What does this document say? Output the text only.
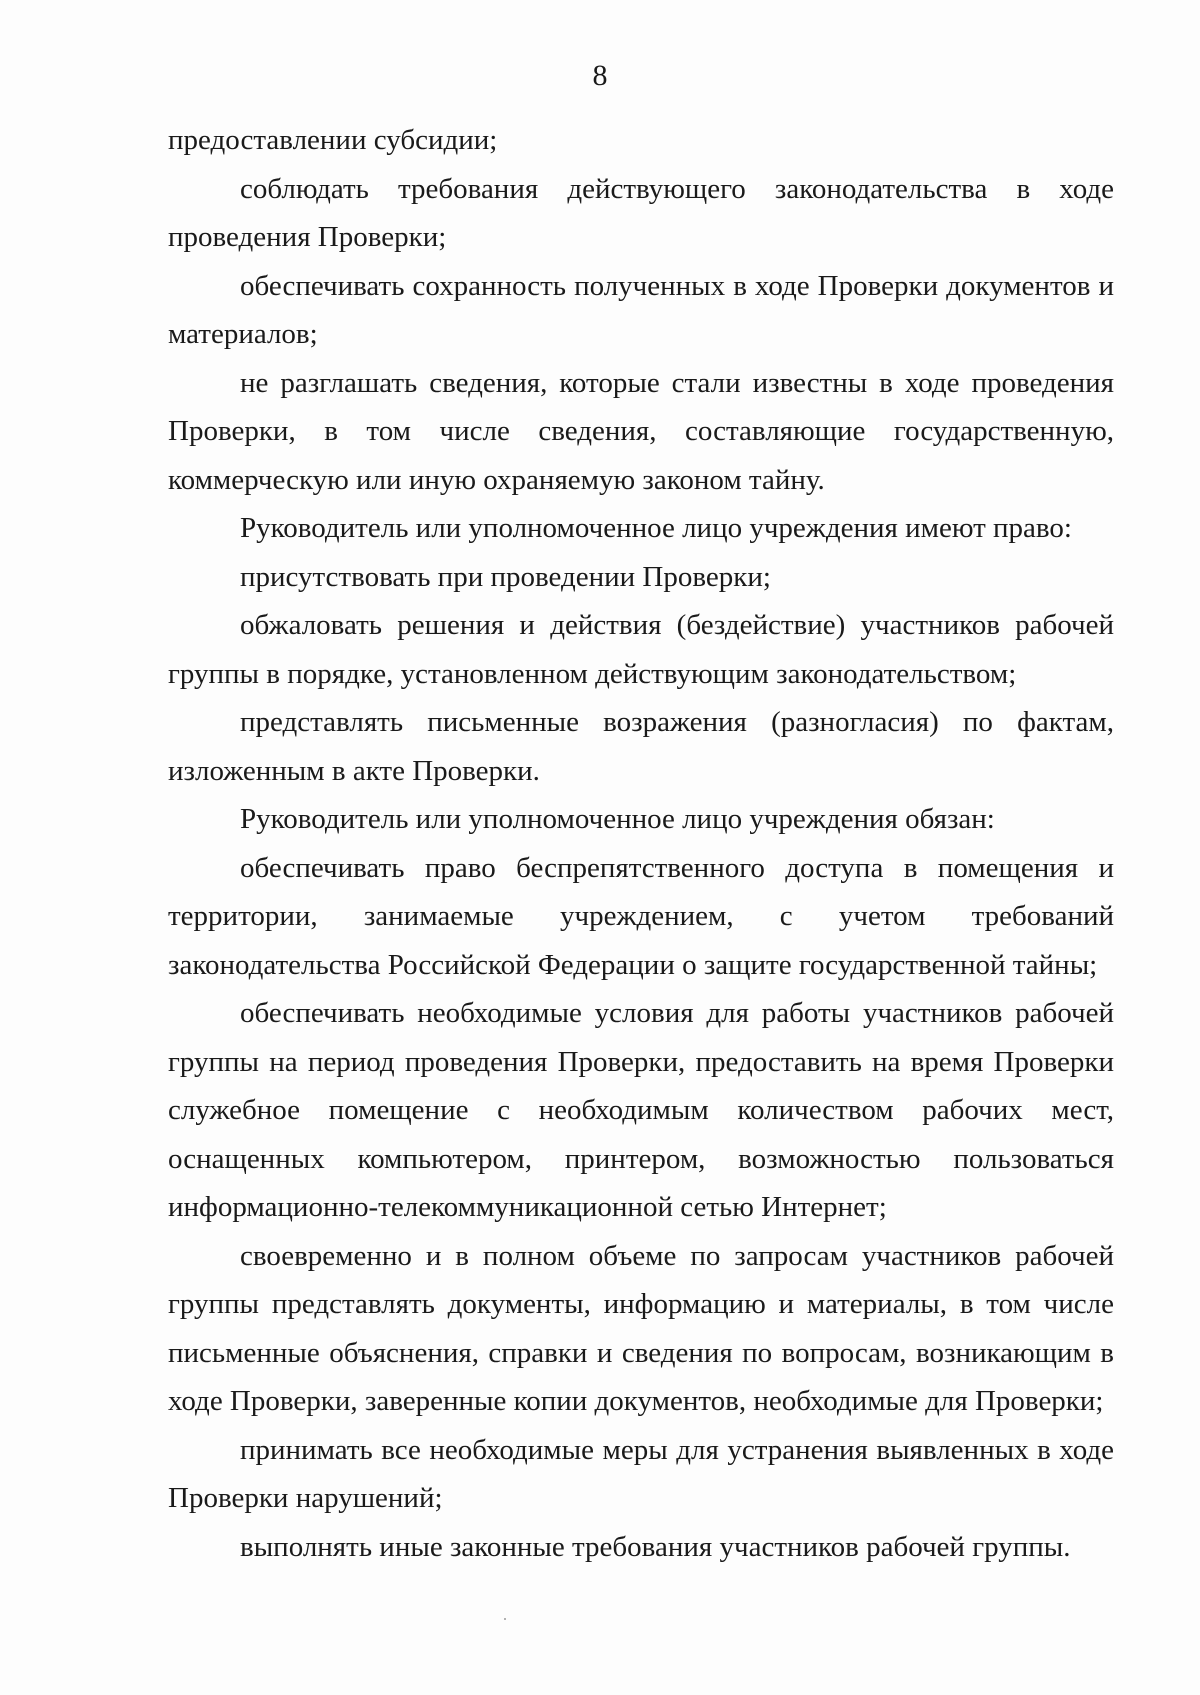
8

предоставлении субсидии;

соблюдать требования действующего законодательства в ходе проведения Проверки;

обеспечивать сохранность полученных в ходе Проверки документов и материалов;

не разглашать сведения, которые стали известны в ходе проведения Проверки, в том числе сведения, составляющие государственную, коммерческую или иную охраняемую законом тайну.

Руководитель или уполномоченное лицо учреждения имеют право:

присутствовать при проведении Проверки;

обжаловать решения и действия (бездействие) участников рабочей группы в порядке, установленном действующим законодательством;

представлять письменные возражения (разногласия) по фактам, изложенным в акте Проверки.

Руководитель или уполномоченное лицо учреждения обязан:

обеспечивать право беспрепятственного доступа в помещения и территории, занимаемые учреждением, с учетом требований законодательства Российской Федерации о защите государственной тайны;

обеспечивать необходимые условия для работы участников рабочей группы на период проведения Проверки, предоставить на время Проверки служебное помещение с необходимым количеством рабочих мест, оснащенных компьютером, принтером, возможностью пользоваться информационно-телекоммуникационной сетью Интернет;

своевременно и в полном объеме по запросам участников рабочей группы представлять документы, информацию и материалы, в том числе письменные объяснения, справки и сведения по вопросам, возникающим в ходе Проверки, заверенные копии документов, необходимые для Проверки;

принимать все необходимые меры для устранения выявленных в ходе Проверки нарушений;

выполнять иные законные требования участников рабочей группы.
